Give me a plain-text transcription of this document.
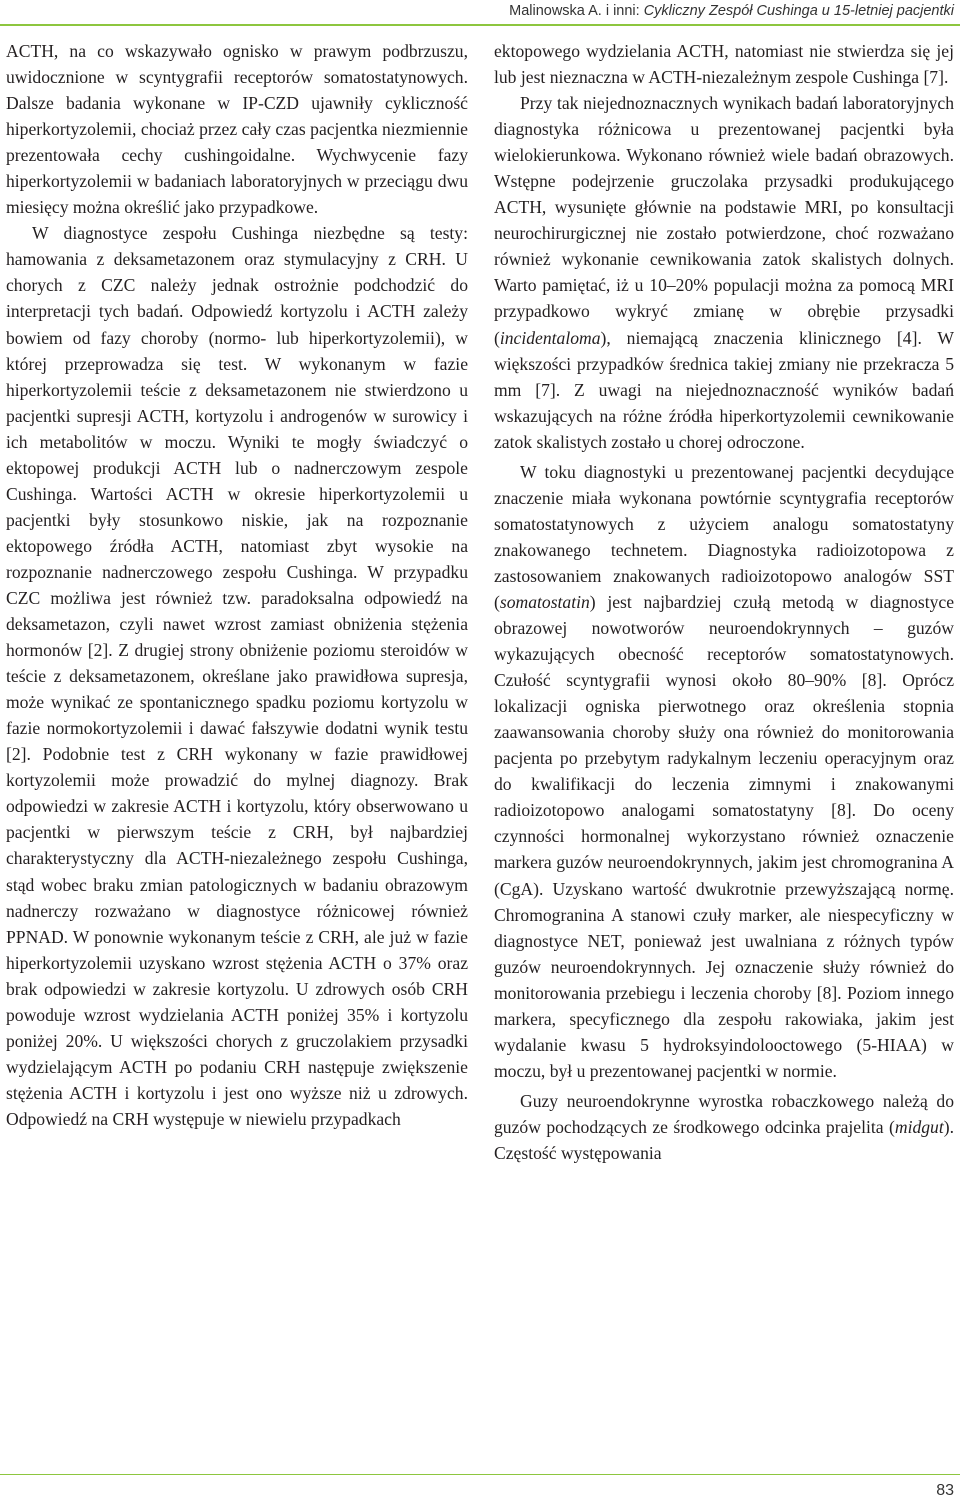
Malinowska A. i inni: Cykliczny Zespół Cushinga u 15-letniej pacjentki

ACTH, na co wskazywało ognisko w prawym podbrzuszu, uwidocznione w scyntygrafii receptorów somatostatynowych. Dalsze badania wykonane w IP-CZD ujawniły cykliczność hiperkortyzolemii, chociaż przez cały czas pacjentka niezmiennie prezentowała cechy cushingoidalne. Wychwycenie fazy hiperkortyzolemii w badaniach laboratoryjnych w przeciągu dwu miesięcy można określić jako przypadkowe.

W diagnostyce zespołu Cushinga niezbędne są testy: hamowania z deksametazonem oraz stymulacyjny z CRH. U chorych z CZC należy jednak ostrożnie podchodzić do interpretacji tych badań. Odpowiedź kortyzolu i ACTH zależy bowiem od fazy choroby (normo- lub hiperkortyzolemii), w której przeprowadza się test. W wykonanym w fazie hiperkortyzolemii teście z deksametazonem nie stwierdzono u pacjentki supresji ACTH, kortyzolu i androgenów w surowicy i ich metabolitów w moczu. Wyniki te mogły świadczyć o ektopowej produkcji ACTH lub o nadnerczowym zespole Cushinga. Wartości ACTH w okresie hiperkortyzolemii u pacjentki były stosunkowo niskie, jak na rozpoznanie ektopowego źródła ACTH, natomiast zbyt wysokie na rozpoznanie nadnerczowego zespołu Cushinga. W przypadku CZC możliwa jest również tzw. paradoksalna odpowiedź na deksametazon, czyli nawet wzrost zamiast obniżenia stężenia hormonów [2]. Z drugiej strony obniżenie poziomu steroidów w teście z deksametazonem, określane jako prawidłowa supresja, może wynikać ze spontanicznego spadku poziomu kortyzolu w fazie normokortyzolemii i dawać fałszywie dodatni wynik testu [2]. Podobnie test z CRH wykonany w fazie prawidłowej kortyzolemii może prowadzić do mylnej diagnozy. Brak odpowiedzi w zakresie ACTH i kortyzolu, który obserwowano u pacjentki w pierwszym teście z CRH, był najbardziej charakterystyczny dla ACTH-niezależnego zespołu Cushinga, stąd wobec braku zmian patologicznych w badaniu obrazowym nadnerczy rozważano w diagnostyce różnicowej również PPNAD. W ponownie wykonanym teście z CRH, ale już w fazie hiperkortyzolemii uzyskano wzrost stężenia ACTH o 37% oraz brak odpowiedzi w zakresie kortyzolu. U zdrowych osób CRH powoduje wzrost wydzielania ACTH poniżej 35% i kortyzolu poniżej 20%. U większości chorych z gruczolakiem przysadki wydzielającym ACTH po podaniu CRH następuje zwiększenie stężenia ACTH i kortyzolu i jest ono wyższe niż u zdrowych. Odpowiedź na CRH występuje w niewielu przypadkach

ektopowego wydzielania ACTH, natomiast nie stwierdza się jej lub jest nieznaczna w ACTH-niezależnym zespole Cushinga [7].

Przy tak niejednoznacznych wynikach badań laboratoryjnych diagnostyka różnicowa u prezentowanej pacjentki była wielokierunkowa. Wykonano również wiele badań obrazowych. Wstępne podejrzenie gruczolaka przysadki produkującego ACTH, wysunięte głównie na podstawie MRI, po konsultacji neurochirurgicznej nie zostało potwierdzone, choć rozważano również wykonanie cewnikowania zatok skalistych dolnych. Warto pamiętać, iż u 10–20% populacji można za pomocą MRI przypadkowo wykryć zmianę w obrębie przysadki (incidentaloma), niemającą znaczenia klinicznego [4]. W większości przypadków średnica takiej zmiany nie przekracza 5 mm [7]. Z uwagi na niejednoznaczność wyników badań wskazujących na różne źródła hiperkortyzolemii cewnikowanie zatok skalistych zostało u chorej odroczone.

W toku diagnostyki u prezentowanej pacjentki decydujące znaczenie miała wykonana powtórnie scyntygrafia receptorów somatostatynowych z użyciem analogu somatostatyny znakowanego technetem. Diagnostyka radioizotopowa z zastosowaniem znakowanych radioizotopowo analogów SST (somatostatin) jest najbardziej czułą metodą w diagnostyce obrazowej nowotworów neuroendokrynnych – guzów wykazujących obecność receptorów somatostatynowych. Czułość scyntygrafii wynosi około 80–90% [8]. Oprócz lokalizacji ogniska pierwotnego oraz określenia stopnia zaawansowania choroby służy ona również do monitorowania pacjenta po przebytym radykalnym leczeniu operacyjnym oraz do kwalifikacji do leczenia zimnymi i znakowanymi radioizotopowo analogami somatostatyny [8]. Do oceny czynności hormonalnej wykorzystano również oznaczenie markera guzów neuroendokrynnych, jakim jest chromogranina A (CgA). Uzyskano wartość dwukrotnie przewyższającą normę. Chromogranina A stanowi czuły marker, ale niespecyficzny w diagnostyce NET, ponieważ jest uwalniana z różnych typów guzów neuroendokrynnych. Jej oznaczenie służy również do monitorowania przebiegu i leczenia choroby [8]. Poziom innego markera, specyficznego dla zespołu rakowiaka, jakim jest wydalanie kwasu 5 hydroksyindolooctowego (5-HIAA) w moczu, był u prezentowanej pacjentki w normie.

Guzy neuroendokrynne wyrostka robaczkowego należą do guzów pochodzących ze środkowego odcinka prajelita (midgut). Częstość występowania

83
